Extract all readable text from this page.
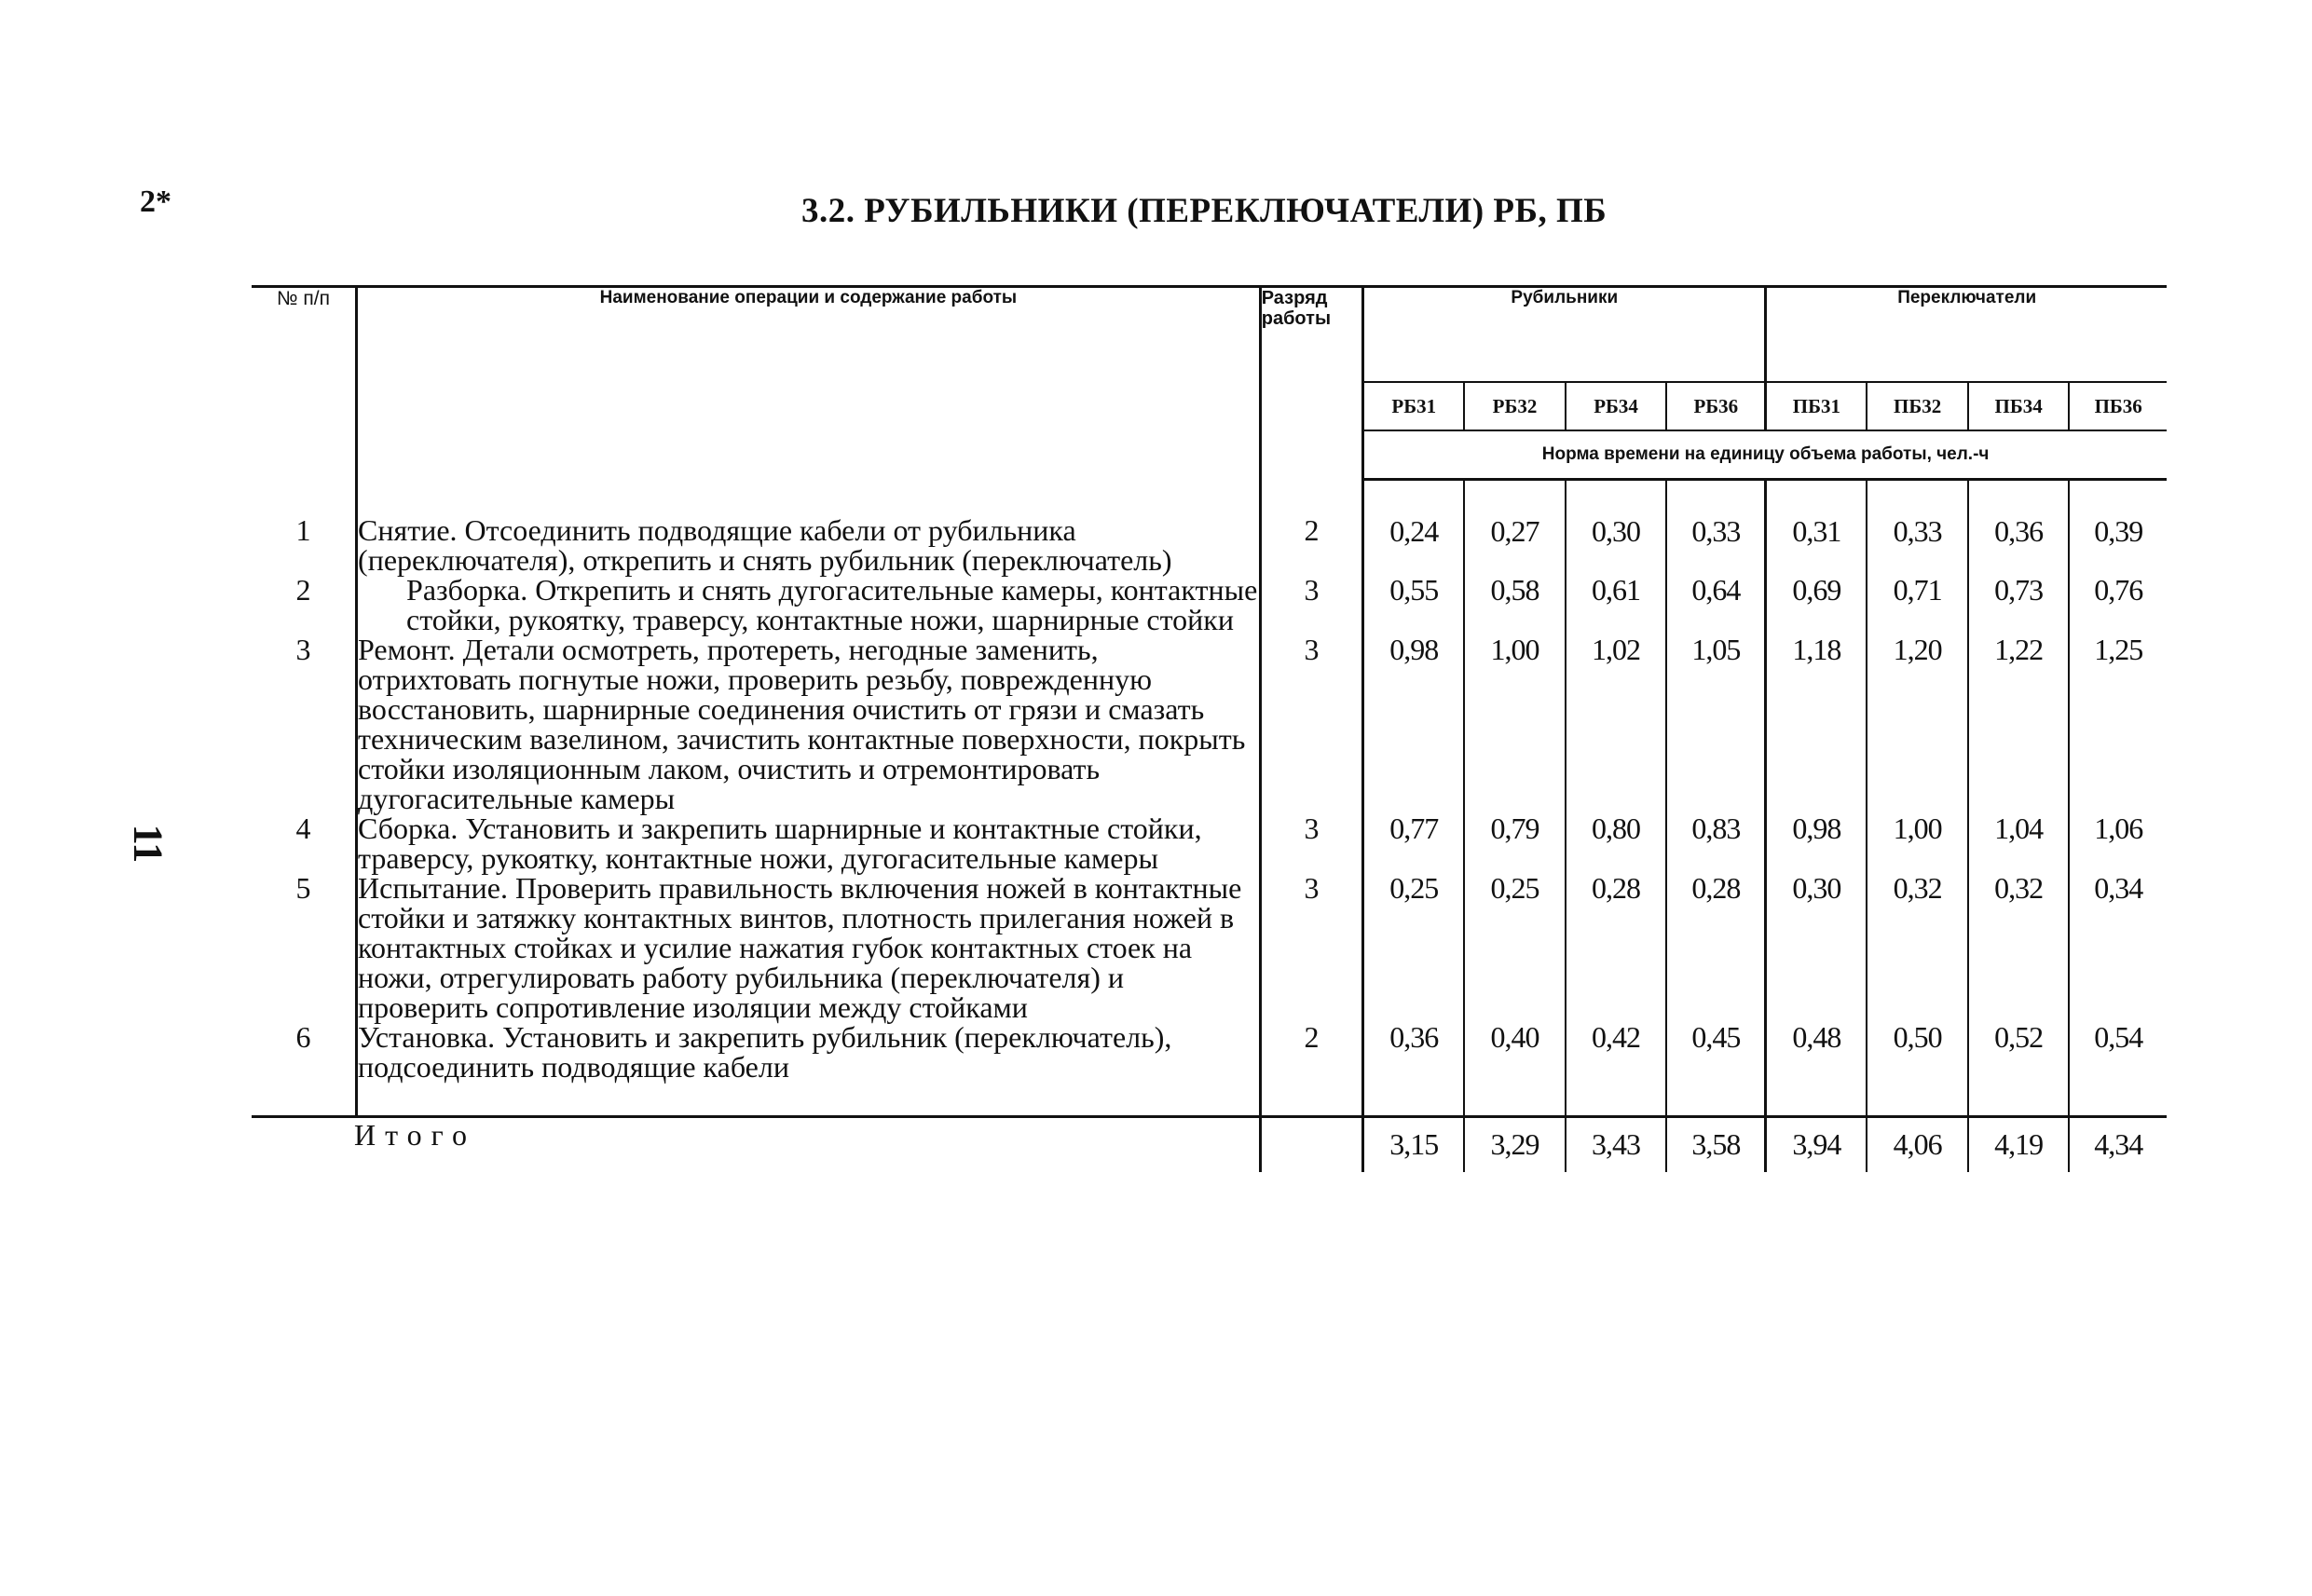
2*
11
3.2. РУБИЛЬНИКИ (ПЕРЕКЛЮЧАТЕЛИ) РБ, ПБ
№ п/п	Наименование операции и содержание работы	Разряд работы	Рубильники				Переключатели			
			РБ31	РБ32	РБ34	РБ36	ПБ31	ПБ32	ПБ34	ПБ36
			Норма времени на единицу объема работы, чел.-ч							
1	Снятие. Отсоединить подводящие кабели от рубильника (переключателя), открепить и снять рубильник (переключатель)	2	0,24	0,27	0,30	0,33	0,31	0,33	0,36	0,39
2	Разборка. Открепить и снять дугогасительные камеры, контактные стойки, рукоятку, траверсу, контактные ножи, шарнирные стойки	3	0,55	0,58	0,61	0,64	0,69	0,71	0,73	0,76
3	Ремонт. Детали осмотреть, протереть, негодные заменить, отрихтовать погнутые ножи, проверить резьбу, поврежденную восстановить, шарнирные соединения очистить от грязи и смазать техническим вазелином, зачистить контактные поверхности, покрыть стойки изоляционным лаком, очистить и отремонтировать дугогасительные камеры	3	0,98	1,00	1,02	1,05	1,18	1,20	1,22	1,25
4	Сборка. Установить и закрепить шарнирные и контактные стойки, траверсу, рукоятку, контактные ножи, дугогасительные камеры	3	0,77	0,79	0,80	0,83	0,98	1,00	1,04	1,06
5	Испытание. Проверить правильность включения ножей в контактные стойки и затяжку контактных винтов, плотность прилегания ножей в контактных стойках и усилие нажатия губок контактных стоек на ножи, отрегулировать работу рубильника (переключателя) и проверить сопротивление изоляции между стойками	3	0,25	0,25	0,28	0,28	0,30	0,32	0,32	0,34
6	Установка. Установить и закрепить рубильник (переключатель), подсоединить подводящие кабели	2	0,36	0,40	0,42	0,45	0,48	0,50	0,52	0,54
Итого			3,15	3,29	3,43	3,58	3,94	4,06	4,19	4,34
